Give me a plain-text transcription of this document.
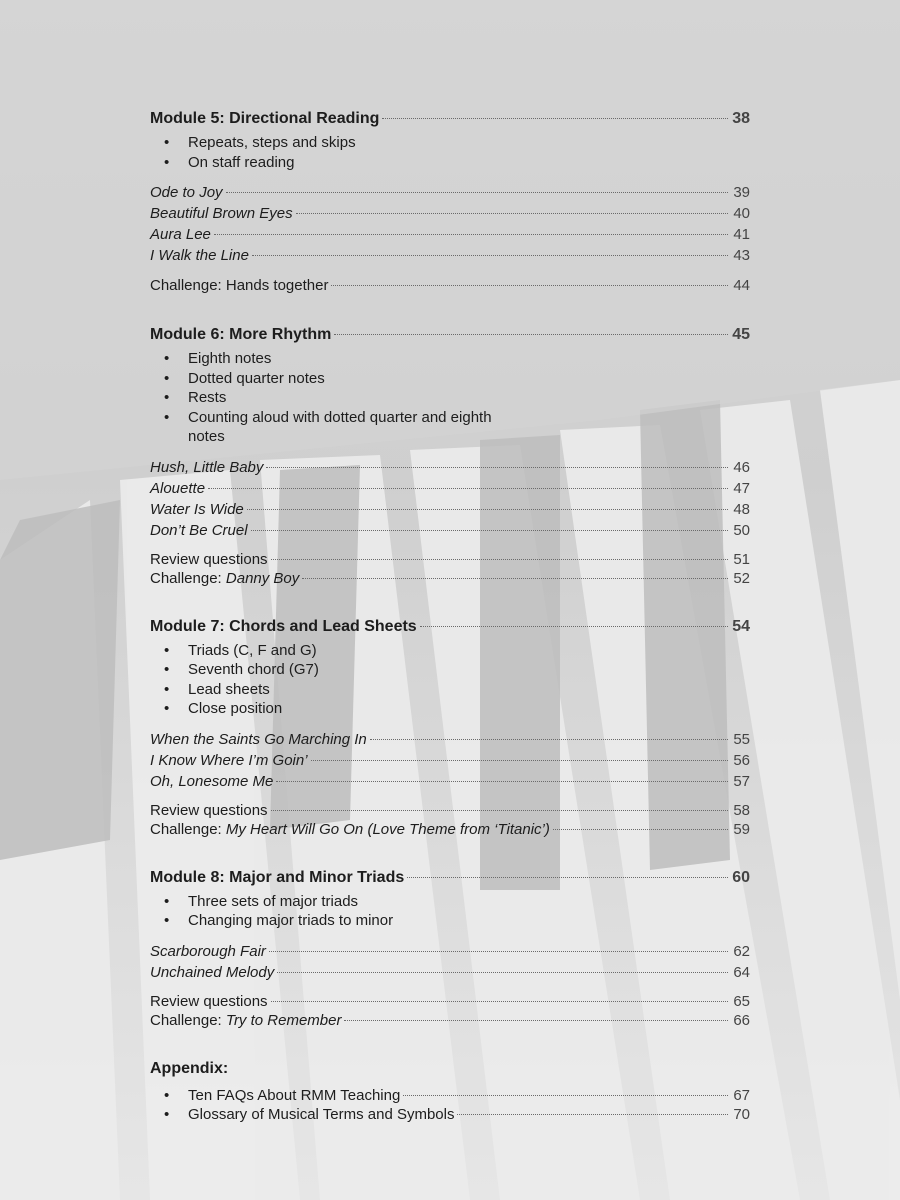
Module 5: Directional Reading	38
• Repeats, steps and skips
• On staff reading
Ode to Joy	39
Beautiful Brown Eyes	40
Aura Lee	41
I Walk the Line	43
Challenge: Hands together	44
Module 6: More Rhythm	45
• Eighth notes
• Dotted quarter notes
• Rests
• Counting aloud with dotted quarter and eighth notes
Hush, Little Baby	46
Alouette	47
Water Is Wide	48
Don’t Be Cruel	50
Review questions	51
Challenge: Danny Boy	52
Module 7: Chords and Lead Sheets	54
• Triads (C, F and G)
• Seventh chord (G7)
• Lead sheets
• Close position
When the Saints Go Marching In	55
I Know Where I’m Goin’	56
Oh, Lonesome Me	57
Review questions	58
Challenge: My Heart Will Go On (Love Theme from ‘Titanic’)	59
Module 8: Major and Minor Triads	60
• Three sets of major triads
• Changing major triads to minor
Scarborough Fair	62
Unchained Melody	64
Review questions	65
Challenge: Try to Remember	66
Appendix:
• Ten FAQs About RMM Teaching	67
• Glossary of Musical Terms and Symbols	70
